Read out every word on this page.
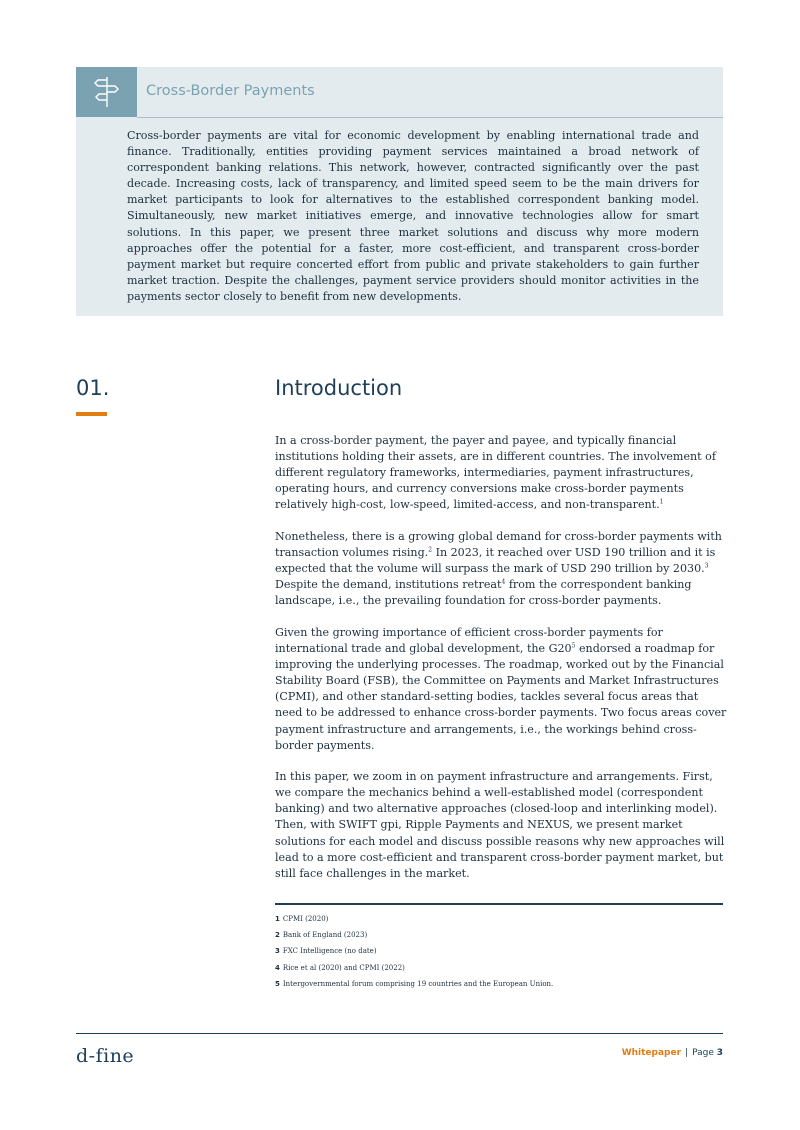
Cross-Border Payments
Cross-border payments are vital for economic development by enabling international trade and finance. Traditionally, entities providing payment services maintained a broad network of correspondent banking relations. This network, however, contracted significantly over the past decade. Increasing costs, lack of transparency, and limited speed seem to be the main drivers for market participants to look for alternatives to the established correspondent banking model. Simultaneously, new market initiatives emerge, and innovative technologies allow for smart solutions. In this paper, we present three market solutions and discuss why more modern approaches offer the potential for a faster, more cost-efficient, and transparent cross-border payment market but require concerted effort from public and private stakeholders to gain further market traction. Despite the challenges, payment service providers should monitor activities in the payments sector closely to benefit from new developments.
01.	Introduction

In a cross-border payment, the payer and payee, and typically financial institutions holding their assets, are in different countries. The involvement of different regulatory frameworks, intermediaries, payment infrastructures, operating hours, and currency conversions make cross-border payments relatively high-cost, low-speed, limited-access, and non-transparent.$^1$

Nonetheless, there is a growing global demand for cross-border payments with transaction volumes rising.$^2$ In 2023, it reached over USD 190 trillion and it is expected that the volume will surpass the mark of USD 290 trillion by 2030.$^3$ Despite the demand, institutions retreat$^4$ from the correspondent banking landscape, i.e., the prevailing foundation for cross-border payments.

Given the growing importance of efficient cross-border payments for international trade and global development, the $G20^5$ endorsed a roadmap for improving the underlying processes. The roadmap, worked out by the Financial Stability Board (FSB), the Committee on Payments and Market Infrastructures (CPMI), and other standard-setting bodies, tackles several focus areas that need to be addressed to enhance cross-border payments. Two focus areas cover payment infrastructure and arrangements, i.e., the workings behind cross-border payments.

In this paper, we zoom in on payment infrastructure and arrangements. First, we compare the mechanics behind a well-established model (correspondent banking) and two alternative approaches (closed-loop and interlinking model). Then, with SWIFT gpi, Ripple Payments and NEXUS, we present market solutions for each model and discuss possible reasons why new approaches will lead to a more cost-efficient and transparent cross-border payment market, but still face challenges in the market.

1 CPMI (2020)
2 Bank of England (2023)
3 FXC Intelligence (no date)
4 Rice et al (2020) and CPMI (2022)
5 Intergovernmental forum comprising 19 countries and the European Union.
d-fine	Whitepaper | Page 3
